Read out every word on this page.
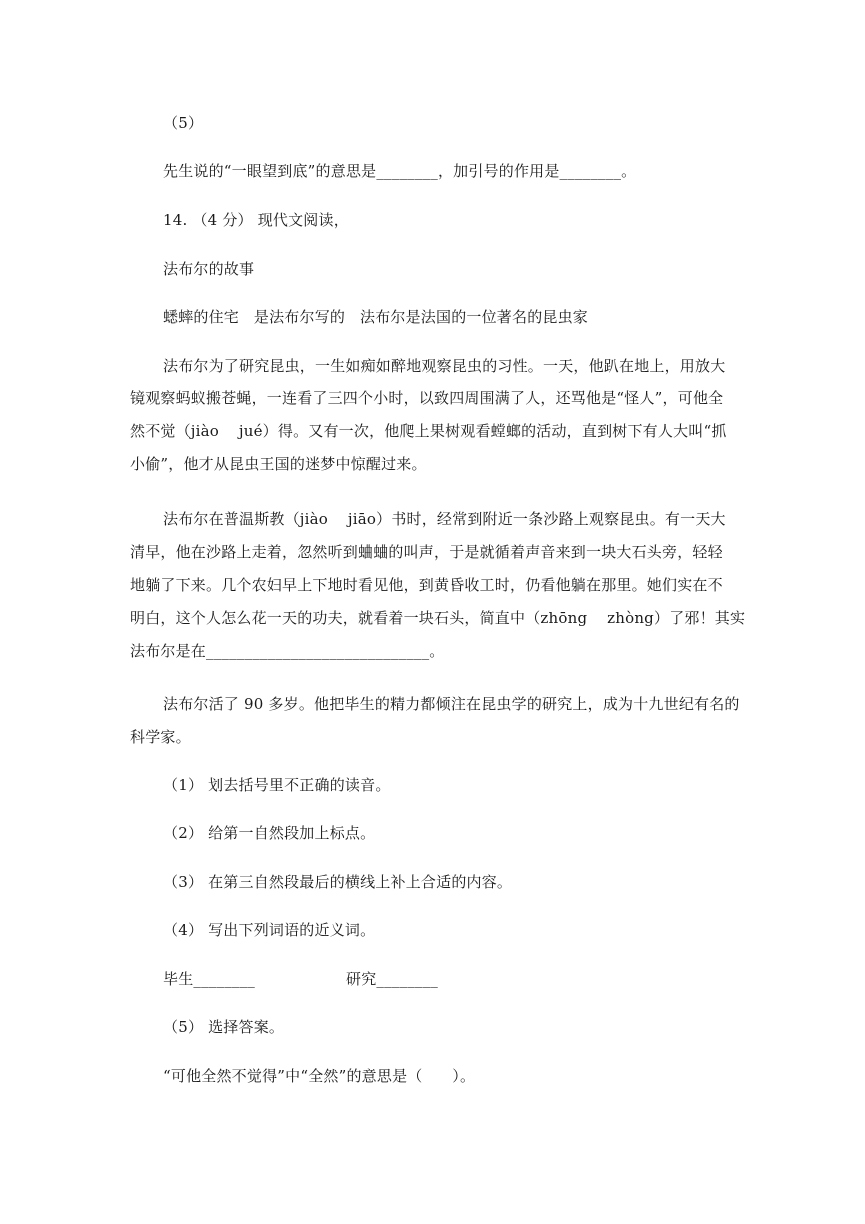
（5）
先生说的“一眼望到底”的意思是________，加引号的作用是________。
14. （4 分） 现代文阅读，
法布尔的故事
蟋蟀的住宅   是法布尔写的   法布尔是法国的一位著名的昆虫家
法布尔为了研究昆虫，一生如痴如醉地观察昆虫的习性。一天，他趴在地上，用放大
镜观察蚂蚁搬苍蝇，一连看了三四个小时，以致四周围满了人，还骂他是“怪人”，可他全
然不觉（jiào    jué）得。又有一次，他爬上果树观看螳螂的活动，直到树下有人大叫“抓
小偷”，他才从昆虫王国的迷梦中惊醒过来。
法布尔在普温斯教（jiào    jiāo）书时，经常到附近一条沙路上观察昆虫。有一天大
清早，他在沙路上走着，忽然听到蛐蛐的叫声，于是就循着声音来到一块大石头旁，轻轻
地躺了下来。几个农妇早上下地时看见他，到黄昏收工时，仍看他躺在那里。她们实在不
明白，这个人怎么花一天的功夫，就看着一块石头，简直中（zhōng    zhòng）了邪！其实
法布尔是在_____________________________。
法布尔活了 90 多岁。他把毕生的精力都倾注在昆虫学的研究上，成为十九世纪有名的
科学家。
（1） 划去括号里不正确的读音。
（2） 给第一自然段加上标点。
（3） 在第三自然段最后的横线上补上合适的内容。
（4） 写出下列词语的近义词。
毕生________	研究________
（5） 选择答案。
“可他全然不觉得”中“全然”的意思是（      ）。
